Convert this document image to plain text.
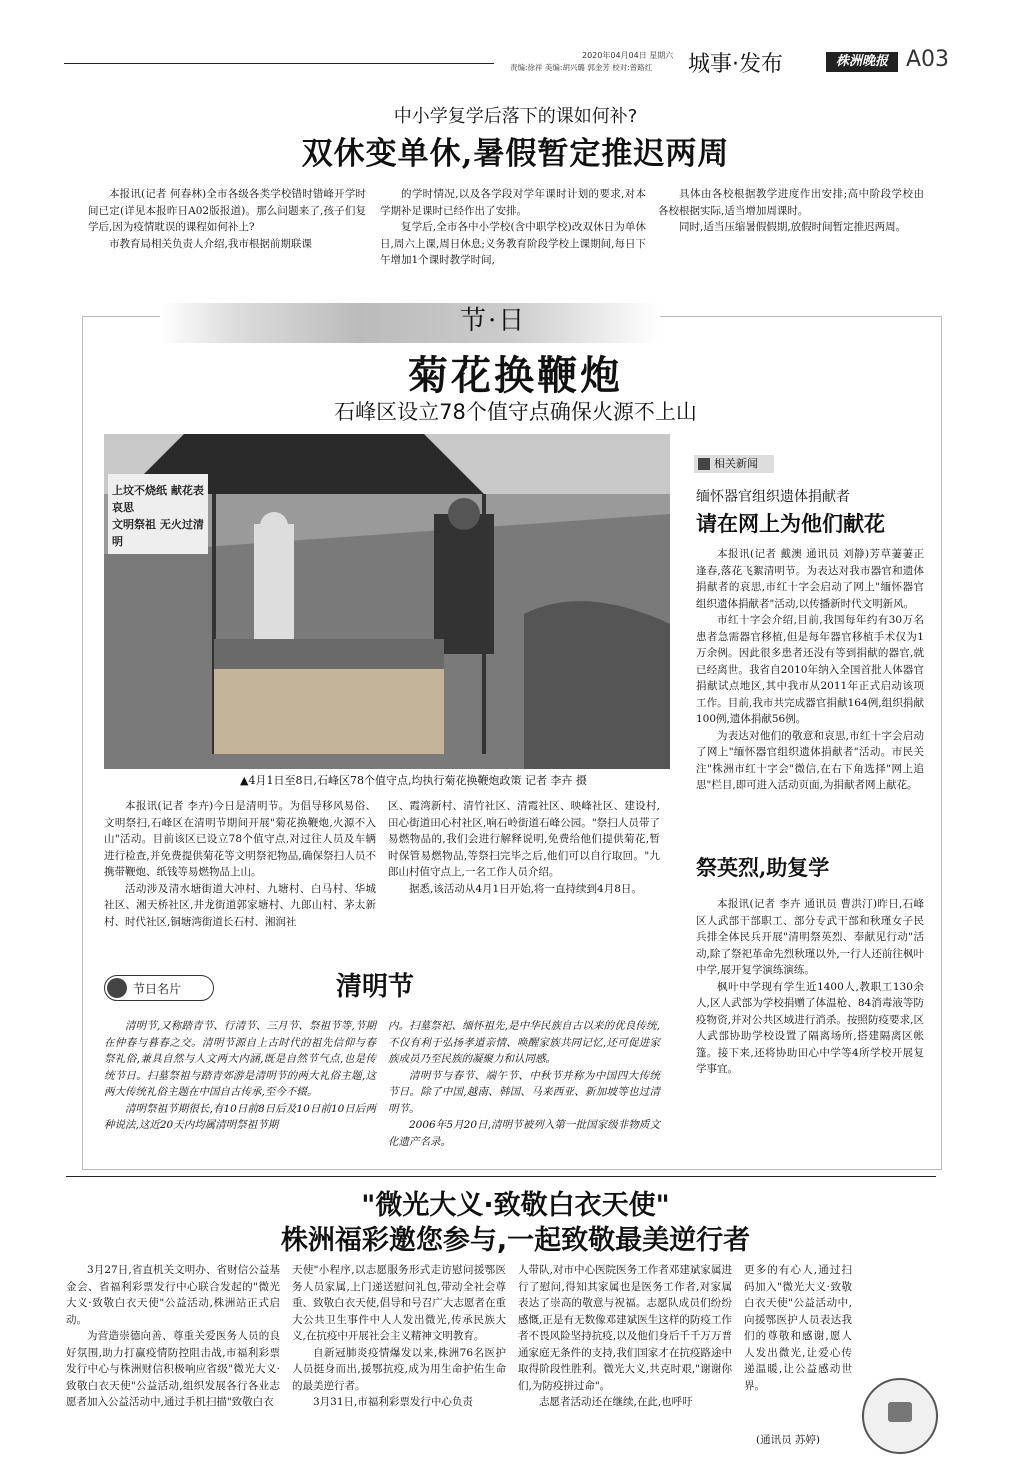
2020年04月04日 星期六
责编:徐祥 美编:胡兴璐 郭金芳 校对:曾路红 城事·发布	株洲晚报 A03
中小学复学后落下的课如何补?
双休变单休,暑假暂定推迟两周

本报讯(记者 何春林)全市各级各类学校错时错峰开学时间已定(详见本报昨日A02版报道)。那么问题来了,孩子们复学后,因为疫情耽误的课程如何补上?

市教育局相关负责人介绍,我市根据前期联课

的学时情况,以及各学段对学年课时计划的要求,对本学期补足课时已经作出了安排。

复学后,全市各中小学校(含中职学校)改双休日为单休日,周六上课,周日休息;义务教育阶段学校上课期间,每日下午增加1个课时教学时间,

具体由各校根据教学进度作出安排;高中阶段学校由各校根据实际,适当增加周课时。

同时,适当压缩暑假假期,放假时间暂定推迟两周。

节·日
菊花换鞭炮
石峰区设立78个值守点确保火源不上山
上坟不烧纸 献花表哀思
文明祭祖 无火过清明
▲4月1日至8日,石峰区78个值守点,均执行菊花换鞭炮政策 记者 李卉 摄

本报讯(记者 李卉)今日是清明节。为倡导移风易俗、文明祭扫,石峰区在清明节期间开展"菊花换鞭炮,火源不入山"活动。目前该区已设立78个值守点,对过往人员及车辆进行检查,并免费提供菊花等文明祭祀物品,确保祭扫人员不携带鞭炮、纸钱等易燃物品上山。

活动涉及清水塘街道大冲村、九塘村、白马村、华城社区、湘天桥社区,井龙街道郭家塘村、九郎山村、茅太新村、时代社区,铜塘湾街道长石村、湘润社

区、霞湾新村、清竹社区、清霞社区、映峰社区、建设村,田心街道田心村社区,响石岭街道石峰公园。"祭扫人员带了易燃物品的,我们会进行解释说明,免费给他们提供菊花,暂时保管易燃物品,等祭扫完毕之后,他们可以自行取回。"九郎山村值守点上,一名工作人员介绍。

据悉,该活动从4月1日开始,将一直持续到4月8日。

相关新闻
缅怀器官组织遗体捐献者
请在网上为他们献花

本报讯(记者 戴澳 通讯员 刘静)芳草萋萋正逢春,落花飞絮清明节。为表达对我市器官和遗体捐献者的哀思,市红十字会启动了网上"缅怀器官组织遗体捐献者"活动,以传播新时代文明新风。

市红十字会介绍,目前,我国每年约有30万名患者急需器官移植,但是每年器官移植手术仅为1万余例。因此很多患者还没有等到捐献的器官,就已经离世。我省自2010年纳入全国首批人体器官捐献试点地区,其中我市从2011年正式启动该项工作。目前,我市共完成器官捐献164例,组织捐献100例,遗体捐献56例。

为表达对他们的敬意和哀思,市红十字会启动了网上"缅怀器官组织遗体捐献者"活动。市民关注"株洲市红十字会"微信,在右下角选择"网上追思"栏目,即可进入活动页面,为捐献者网上献花。

祭英烈,助复学

本报讯(记者 李卉 通讯员 曹洪汀)昨日,石峰区人武部干部职工、部分专武干部和秋瑾女子民兵排全体民兵开展"清明祭英烈、奉献见行动"活动,除了祭祀革命先烈秋瑾以外,一行人还前往枫叶中学,展开复学演练演练。

枫叶中学现有学生近1400人,教职工130余人,区人武部为学校捐赠了体温枪、84消毒液等防疫物资,并对公共区域进行消杀。按照防疫要求,区人武部协助学校设置了隔离场所,搭建隔离区帐篷。接下来,还将协助田心中学等4所学校开展复学事宜。

节日名片	清明节

清明节,又称踏青节、行清节、三月节、祭祖节等,节期在仲春与暮春之交。清明节源自上古时代的祖先信仰与春祭礼俗,兼具自然与人文两大内涵,既是自然节气点,也是传统节日。扫墓祭祖与踏青郊游是清明节的两大礼俗主题,这两大传统礼俗主题在中国自古传承,至今不辍。

清明祭祖节期很长,有10日前8日后及10日前10日后两种说法,这近20天内均属清明祭祖节期

内。扫墓祭祀、缅怀祖先,是中华民族自古以来的优良传统,不仅有利于弘扬孝道亲情、唤醒家族共同记忆,还可促进家族成员乃至民族的凝聚力和认同感。

清明节与春节、端午节、中秋节并称为中国四大传统节日。除了中国,越南、韩国、马来西亚、新加坡等也过清明节。

2006年5月20日,清明节被列入第一批国家级非物质文化遗产名录。

"微光大义·致敬白衣天使"
株洲福彩邀您参与,一起致敬最美逆行者

3月27日,省直机关文明办、省财信公益基金会、省福利彩票发行中心联合发起的"微光大义·致敬白衣天使"公益活动,株洲站正式启动。

为营造崇德向善、尊重关爱医务人员的良好氛围,助力打赢疫情防控阻击战,市福利彩票发行中心与株洲财信积极响应省级"微光大义·致敬白衣天使"公益活动,组织发展各行各业志愿者加入公益活动中,通过手机扫描"致敬白衣

天使"小程序,以志愿服务形式走访慰问援鄂医务人员家属,上门递送慰问礼包,带动全社会尊重、致敬白衣天使,倡导和号召广大志愿者在重大公共卫生事件中人人发出微光,传承民族大义,在抗疫中开展社会主义精神文明教育。

自新冠肺炎疫情爆发以来,株洲76名医护人员挺身而出,援鄂抗疫,成为用生命护佑生命的最美逆行者。

3月31日,市福利彩票发行中心负责

人带队,对市中心医院医务工作者邓建斌家属进行了慰问,得知其家属也是医务工作者,对家属表达了崇高的敬意与祝福。志愿队成员们纷纷感慨,正是有无数像邓建斌医生这样的防疫工作者不畏风险坚持抗疫,以及他们身后千千万万普通家庭无条件的支持,我们国家才在抗疫路途中取得阶段性胜利。微光大义,共克时艰,"谢谢你们,为防疫拼过命"。

志愿者活动还在继续,在此,也呼吁

更多的有心人,通过扫码加入"微光大义·致敬白衣天使"公益活动中,向援鄂医护人员表达我们的尊敬和感谢,愿人人发出微光,让爱心传递温暖,让公益感动世界。

(通讯员 苏婷)
